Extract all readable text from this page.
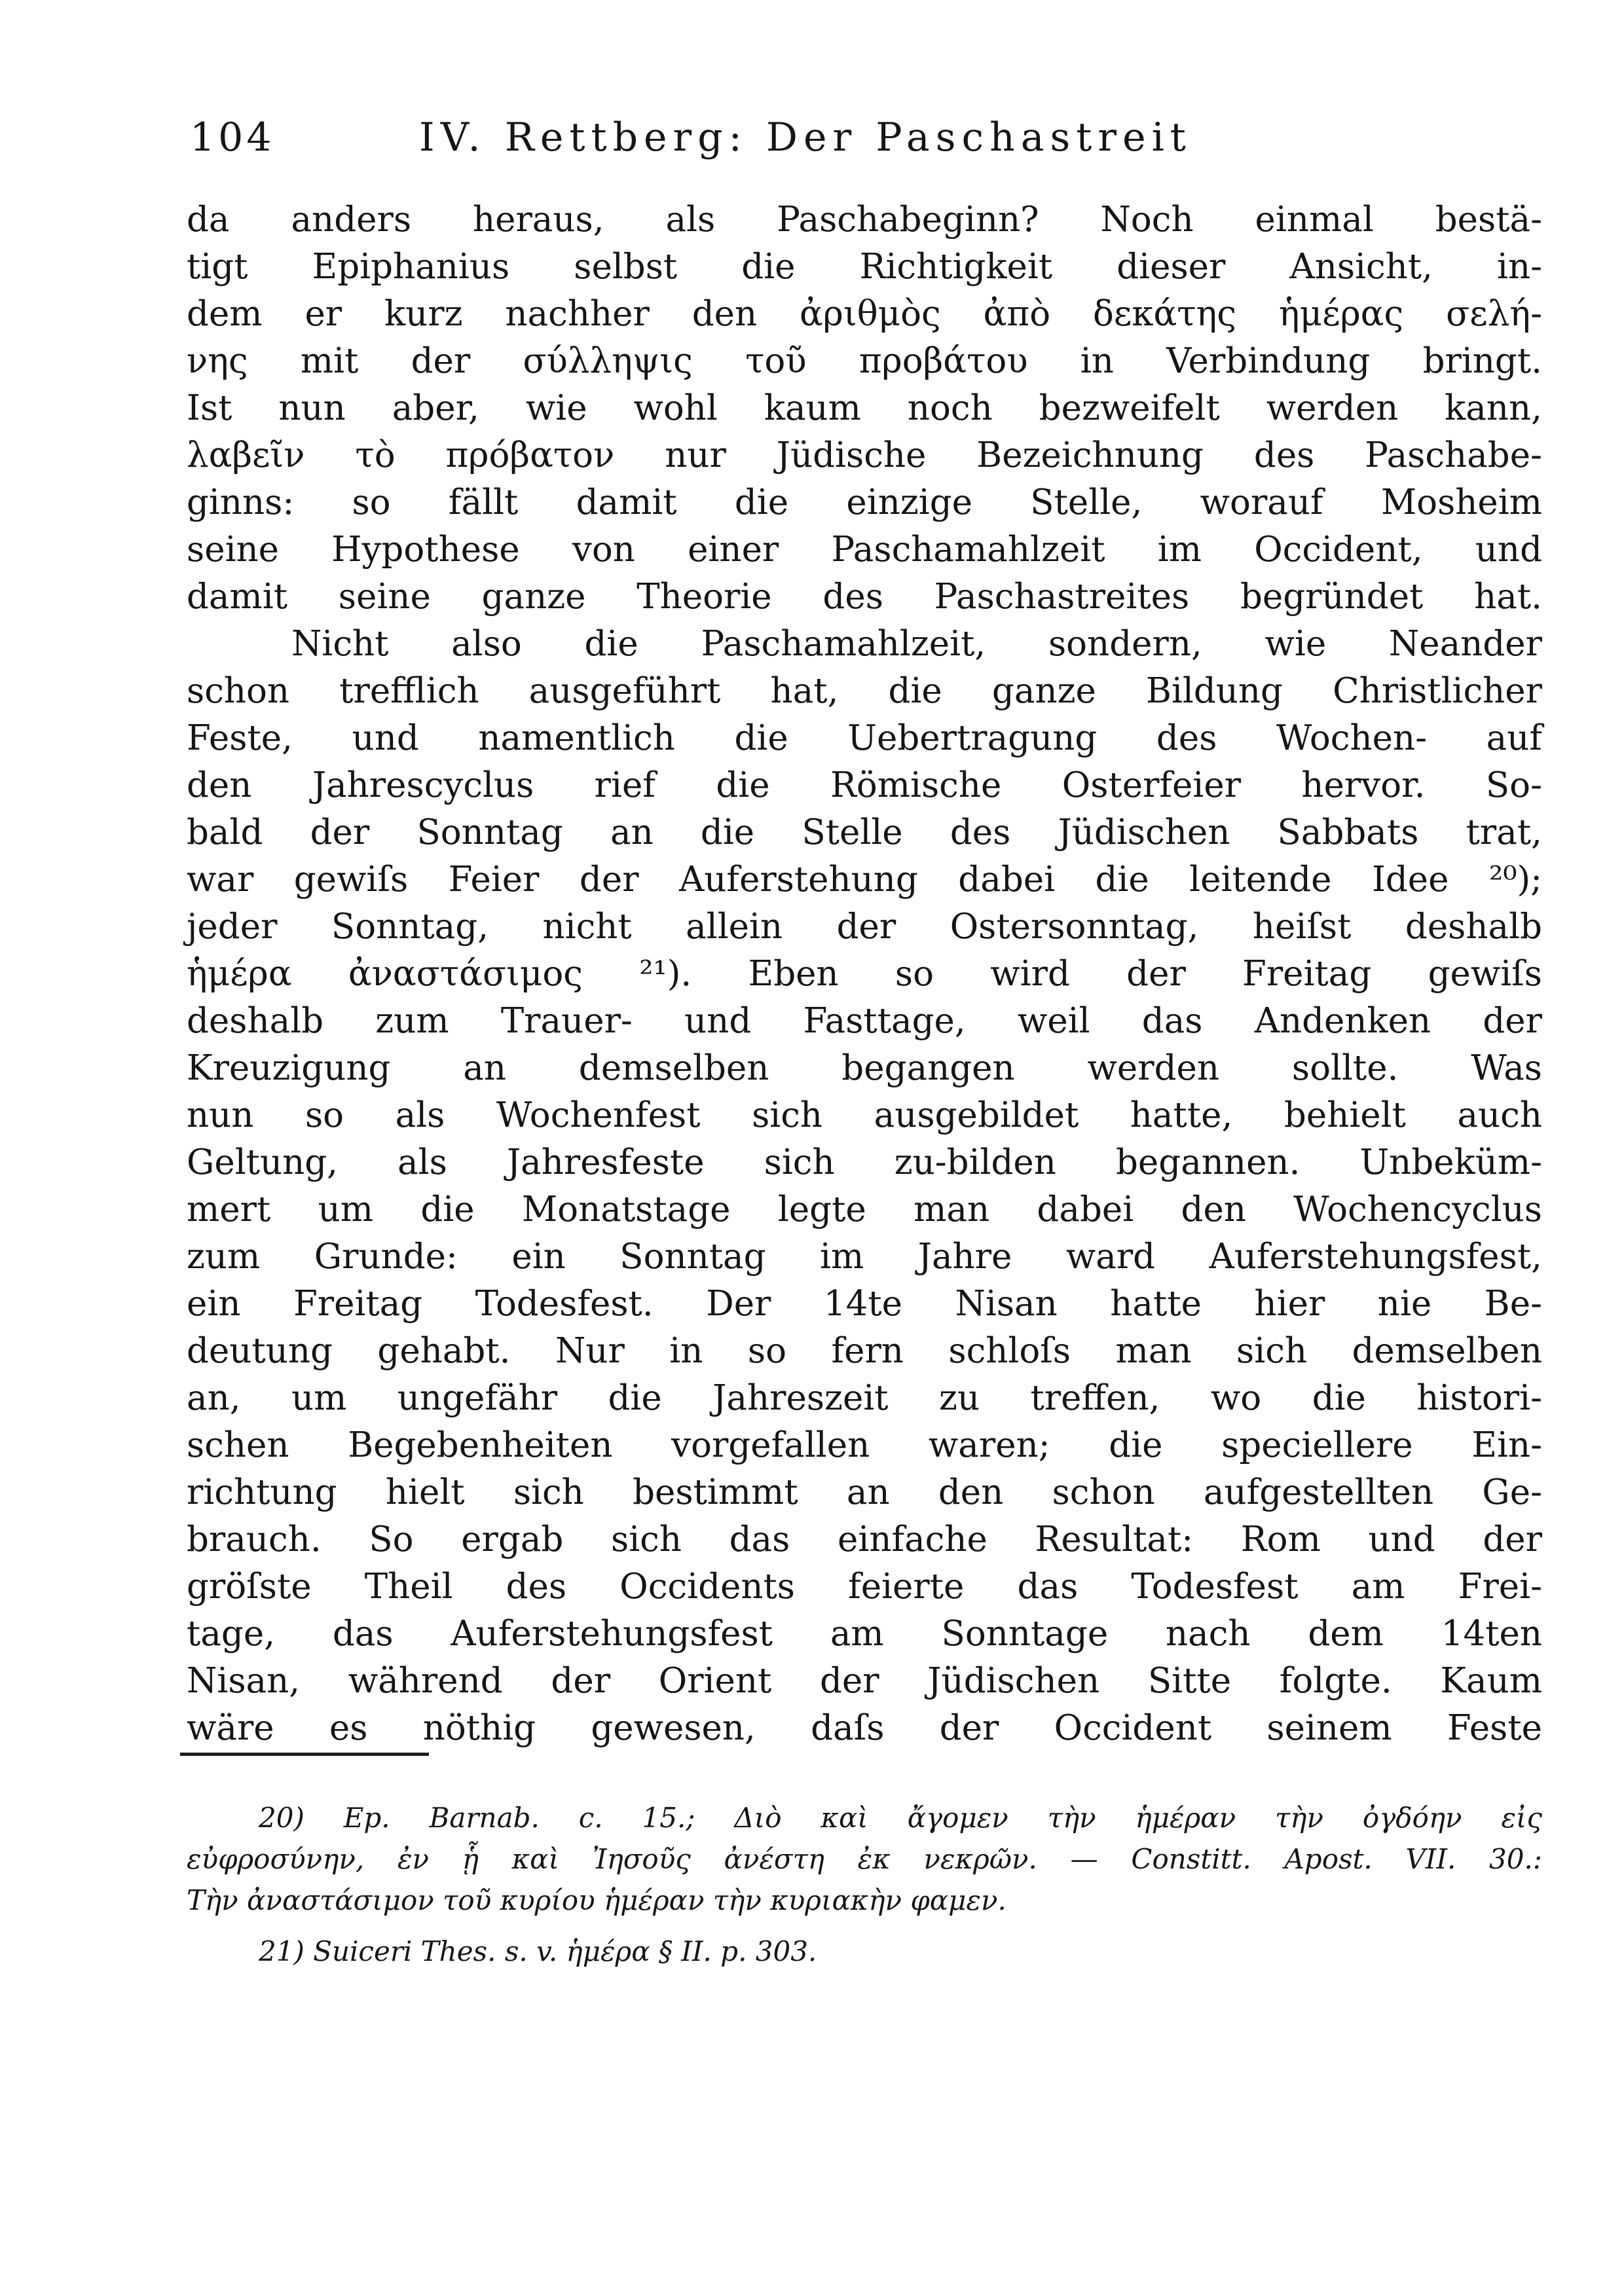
104	IV. Rettberg: Der Paschastreit
da anders heraus, als Paschabeginn? Noch einmal bestä-
tigt Epiphanius selbst die Richtigkeit dieser Ansicht, in-
dem er kurz nachher den ἀριθμὸς ἀπὸ δεκάτης ἡμέρας σελή-
νης mit der σύλληψις τοῦ προβάτου in Verbindung bringt.
Ist nun aber, wie wohl kaum noch bezweifelt werden kann,
λαβεῖν τὸ πρόβατον nur Jüdische Bezeichnung des Paschabe-
ginns: so fällt damit die einzige Stelle, worauf Mosheim
seine Hypothese von einer Paschamahlzeit im Occident, und
damit seine ganze Theorie des Paschastreites begründet hat.
Nicht also die Paschamahlzeit, sondern, wie Neander
schon trefflich ausgeführt hat, die ganze Bildung Christlicher
Feste, und namentlich die Uebertragung des Wochen- auf
den Jahrescyclus rief die Römische Osterfeier hervor. So-
bald der Sonntag an die Stelle des Jüdischen Sabbats trat,
war gewiſs Feier der Auferstehung dabei die leitende Idee ²⁰);
jeder Sonntag, nicht allein der Ostersonntag, heiſst deshalb
ἡμέρα ἀναστάσιμος ²¹). Eben so wird der Freitag gewiſs
deshalb zum Trauer- und Fasttage, weil das Andenken der
Kreuzigung an demselben begangen werden sollte. Was
nun so als Wochenfest sich ausgebildet hatte, behielt auch
Geltung, als Jahresfeste sich zu-bilden begannen. Unbeküm-
mert um die Monatstage legte man dabei den Wochencyclus
zum Grunde: ein Sonntag im Jahre ward Auferstehungsfest,
ein Freitag Todesfest. Der 14te Nisan hatte hier nie Be-
deutung gehabt. Nur in so fern schloſs man sich demselben
an, um ungefähr die Jahreszeit zu treffen, wo die histori-
schen Begebenheiten vorgefallen waren; die speciellere Ein-
richtung hielt sich bestimmt an den schon aufgestellten Ge-
brauch. So ergab sich das einfache Resultat: Rom und der
gröſste Theil des Occidents feierte das Todesfest am Frei-
tage, das Auferstehungsfest am Sonntage nach dem 14ten
Nisan, während der Orient der Jüdischen Sitte folgte. Kaum
wäre es nöthig gewesen, daſs der Occident seinem Feste
20) Ep. Barnab. c. 15.; Διὸ καὶ ἄγομεν τὴν ἡμέραν τὴν ὀγδόην εἰς
εὐφροσύνην, ἐν ᾗ καὶ Ἰησοῦς ἀνέστη ἐκ νεκρῶν. — Constitt. Apost. VII. 30.:
Τὴν ἀναστάσιμον τοῦ κυρίου ἡμέραν τὴν κυριακὴν φαμεν.
21) Suiceri Thes. s. v. ἡμέρα § II. p. 303.
